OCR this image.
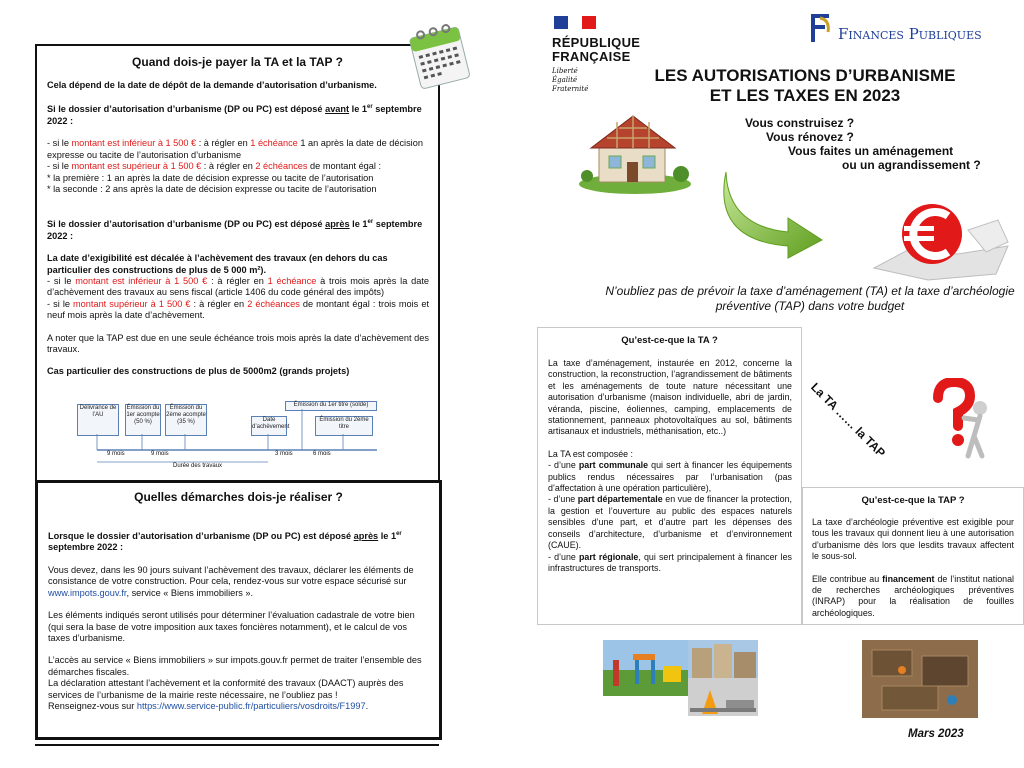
Quand dois-je payer la TA et la TAP ?

Cela dépend de la date de dépôt de la demande d’autorisation d’urbanisme.

Si le dossier d’autorisation d’urbanisme (DP ou PC) est déposé avant le 1er septembre 2022 :

- si le montant est inférieur à 1 500 € : à régler en 1 échéance 1 an après la date de décision expresse ou tacite de l’autorisation d’urbanisme

- si le montant est supérieur à 1 500 € : à régler en 2 échéances de montant égal :

* la première : 1 an après la date de décision expresse ou tacite de l’autorisation

* la seconde : 2 ans après la date de décision expresse ou tacite de l’autorisation

Si le dossier d’autorisation d’urbanisme (DP ou PC) est déposé après le 1er septembre 2022 :

La date d’exigibilité est décalée à l’achèvement des travaux (en dehors du cas particulier des constructions de plus de 5 000 m²).

- si le montant est inférieur à 1 500 € : à régler en 1 échéance à trois mois après la date d’achèvement des travaux au sens fiscal (article 1406 du code général des impôts)

- si le montant supérieur à 1 500 € : à régler en 2 échéances de montant égal : trois mois et neuf mois après la date d’achèvement.

A noter que la TAP est due en une seule échéance trois mois après la date d’achèvement des travaux.

Cas particulier des constructions de plus de 5000m2 (grands projets)

Délivrance de l’AU
Émission du 1er acompte (50 %)
Émission du 2ème acompte (35 %)
Émission du 1er titre (solde)
Date d’achèvement
Émission du 2ème titre
9 mois	9 mois	3 mois	6 mois
Durée des travaux
Quelles démarches dois-je réaliser ?

Lorsque le dossier d’autorisation d’urbanisme (DP ou PC) est déposé après le 1er septembre 2022 :

Vous devez, dans les 90 jours suivant l’achèvement des travaux, déclarer les éléments de consistance de votre construction. Pour cela, rendez-vous sur votre espace sécurisé sur www.impots.gouv.fr, service « Biens immobiliers ».

Les éléments indiqués seront utilisés pour déterminer l’évaluation cadastrale de votre bien (qui sera la base de votre imposition aux taxes foncières notamment), et le calcul de vos taxes d’urbanisme.

L’accès au service « Biens immobiliers » sur impots.gouv.fr permet de traiter l’ensemble des démarches fiscales.

La déclaration attestant l’achèvement et la conformité des travaux (DAACT) auprès des services de l’urbanisme de la mairie reste nécessaire, ne l’oubliez pas !

Renseignez-vous sur https://www.service-public.fr/particuliers/vosdroits/F1997.

RÉPUBLIQUE
FRANÇAISE
Liberté
Égalité
Fraternité
Finances Publiques
LES AUTORISATIONS D’URBANISME
ET LES TAXES EN 2023
Vous construisez ?
Vous rénovez ?
Vous faites un aménagement
ou un agrandissement ?
N’oubliez pas de prévoir la taxe d’aménagement (TA) et la taxe d’archéologie préventive (TAP) dans votre budget
La TA …… la TAP
Qu’est-ce-que la TA ?

La taxe d’aménagement, instaurée en 2012, concerne la construction, la reconstruction, l’agrandissement de bâtiments et les aménagements de toute nature nécessitant une autorisation d’urbanisme (maison individuelle, abri de jardin, véranda, piscine, éoliennes, camping, emplacements de stationnement, panneaux photovoltaïques au sol, bâtiments artisanaux et industriels, méthanisation, etc..)

La TA est composée :

- d’une part communale qui sert à financer les équipements publics rendus nécessaires par l’urbanisation (pas d’affectation à une opération particulière),

- d’une part départementale en vue de financer la protection, la gestion et l’ouverture au public des espaces naturels sensibles d’une part, et d’autre part les dépenses des conseils d’architecture, d’urbanisme et d’environnement (CAUE).

- d’une part régionale, qui sert principalement à financer les infrastructures de transports.

Qu’est-ce-que la TAP ?

La taxe d’archéologie préventive est exigible pour tous les travaux qui donnent lieu à une autorisation d’urbanisme dès lors que lesdits travaux affectent le sous-sol.

Elle contribue au financement de l’institut national de recherches archéologiques préventives (INRAP) pour la réalisation de fouilles archéologiques.

Mars 2023
